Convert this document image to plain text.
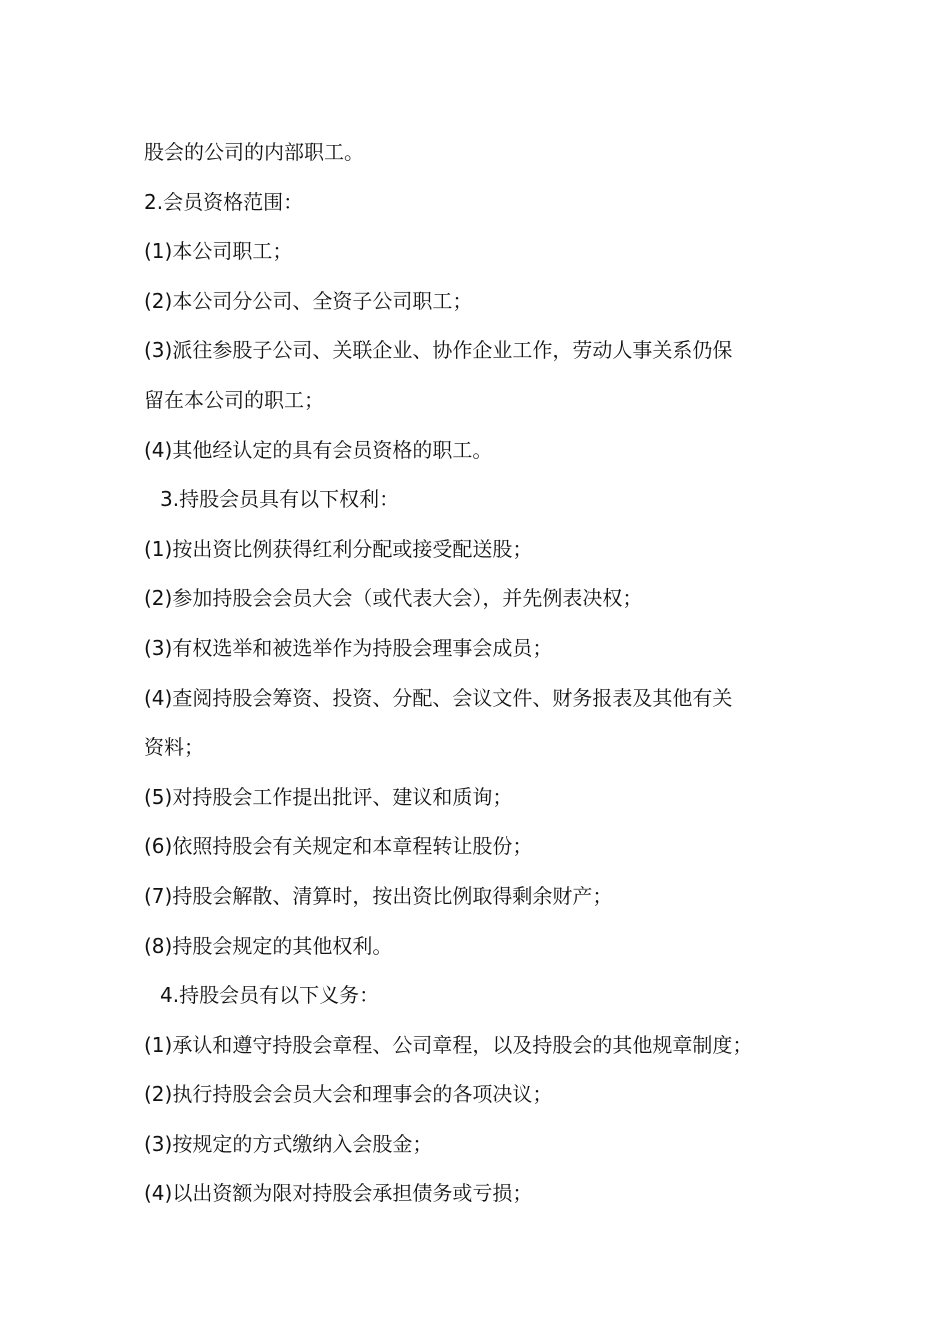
股会的公司的内部职工。

2.会员资格范围：

(1)本公司职工；

(2)本公司分公司、全资子公司职工；

(3)派往参股子公司、关联企业、协作企业工作，劳动人事关系仍保

留在本公司的职工；

(4)其他经认定的具有会员资格的职工。

3.持股会员具有以下权利：

(1)按出资比例获得红利分配或接受配送股；

(2)参加持股会会员大会（或代表大会），并先例表决权；

(3)有权选举和被选举作为持股会理事会成员；

(4)查阅持股会筹资、投资、分配、会议文件、财务报表及其他有关

资料；

(5)对持股会工作提出批评、建议和质询；

(6)依照持股会有关规定和本章程转让股份；

(7)持股会解散、清算时，按出资比例取得剩余财产；

(8)持股会规定的其他权利。

4.持股会员有以下义务：

(1)承认和遵守持股会章程、公司章程，以及持股会的其他规章制度；

(2)执行持股会会员大会和理事会的各项决议；

(3)按规定的方式缴纳入会股金；

(4)以出资额为限对持股会承担债务或亏损；
